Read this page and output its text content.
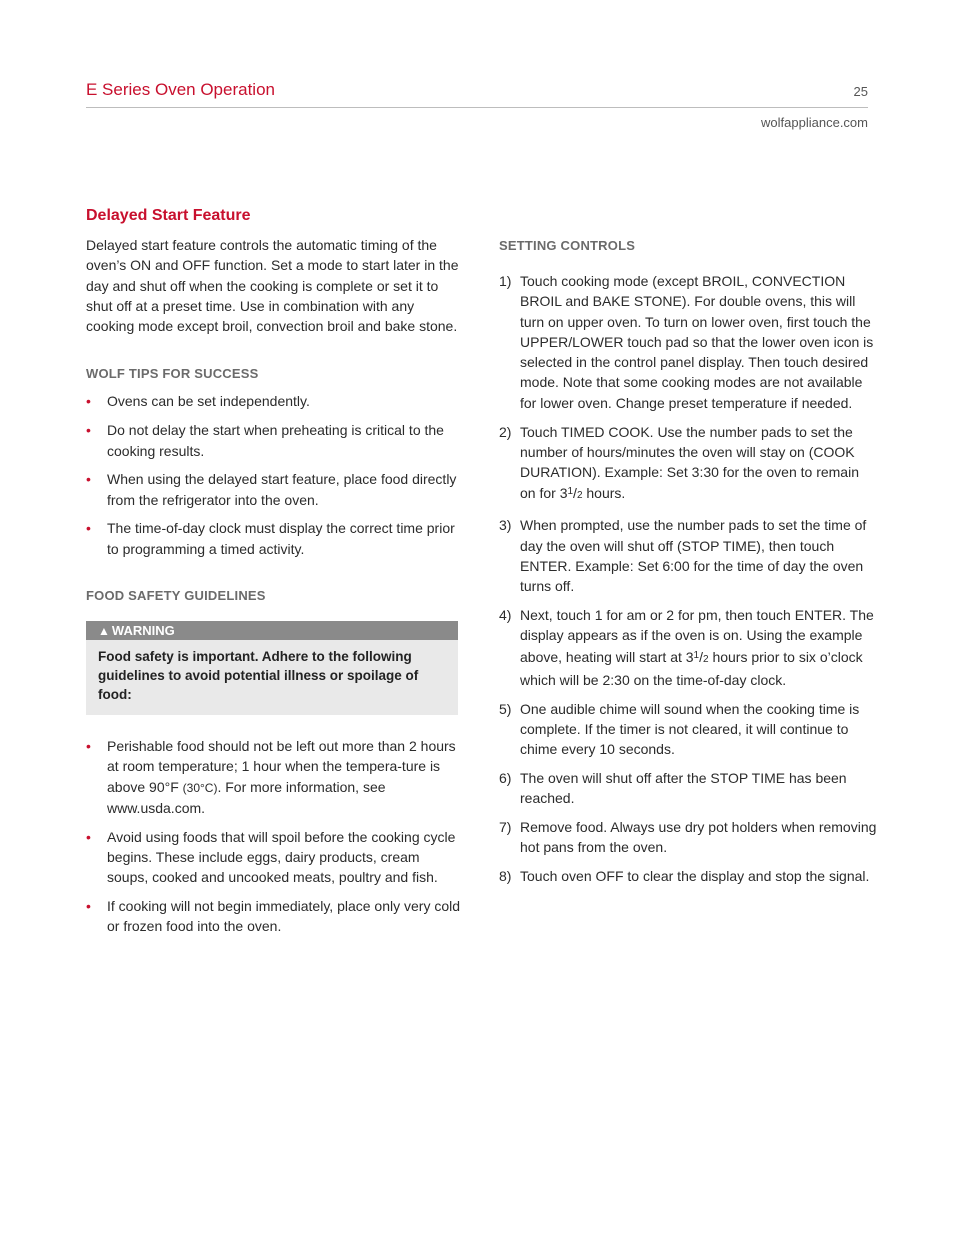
E Series Oven Operation	25
wolfappliance.com
Delayed Start Feature

Delayed start feature controls the automatic timing of the oven’s ON and OFF function. Set a mode to start later in the day and shut off when the cooking is complete or set it to shut off at a preset time. Use in combination with any cooking mode except broil, convection broil and bake stone.

WOLF TIPS FOR SUCCESS
• Ovens can be set independently.
• Do not delay the start when preheating is critical to the cooking results.
• When using the delayed start feature, place food directly from the refrigerator into the oven.
• The time-of-day clock must display the correct time prior to programming a timed activity.
FOOD SAFETY GUIDELINES
▲ WARNING
Food safety is important. Adhere to the following guidelines to avoid potential illness or spoilage of food:
• Perishable food should not be left out more than 2 hours at room temperature; 1 hour when the tempera-ture is above 90°F (30°C). For more information, see www.usda.com.
• Avoid using foods that will spoil before the cooking cycle begins. These include eggs, dairy products, cream soups, cooked and uncooked meats, poultry and fish.
• If cooking will not begin immediately, place only very cold or frozen food into the oven.
SETTING CONTROLS
1) Touch cooking mode (except BROIL, CONVECTION BROIL and BAKE STONE). For double ovens, this will turn on upper oven. To turn on lower oven, first touch the UPPER/LOWER touch pad so that the lower oven icon is selected in the control panel display. Then touch desired mode. Note that some cooking modes are not available for lower oven. Change preset temperature if needed.
2) Touch TIMED COOK. Use the number pads to set the number of hours/minutes the oven will stay on (COOK DURATION). Example: Set 3:30 for the oven to remain on for $3^1/2$ hours.
3) When prompted, use the number pads to set the time of day the oven will shut off (STOP TIME), then touch ENTER. Example: Set 6:00 for the time of day the oven turns off.
4) Next, touch 1 for am or 2 for pm, then touch ENTER. The display appears as if the oven is on. Using the example above, heating will start at $3^1/2$ hours prior to six o’clock which will be 2:30 on the time-of-day clock.
5) One audible chime will sound when the cooking time is complete. If the timer is not cleared, it will continue to chime every 10 seconds.
6) The oven will shut off after the STOP TIME has been reached.
7) Remove food. Always use dry pot holders when removing hot pans from the oven.
8) Touch oven OFF to clear the display and stop the signal.
